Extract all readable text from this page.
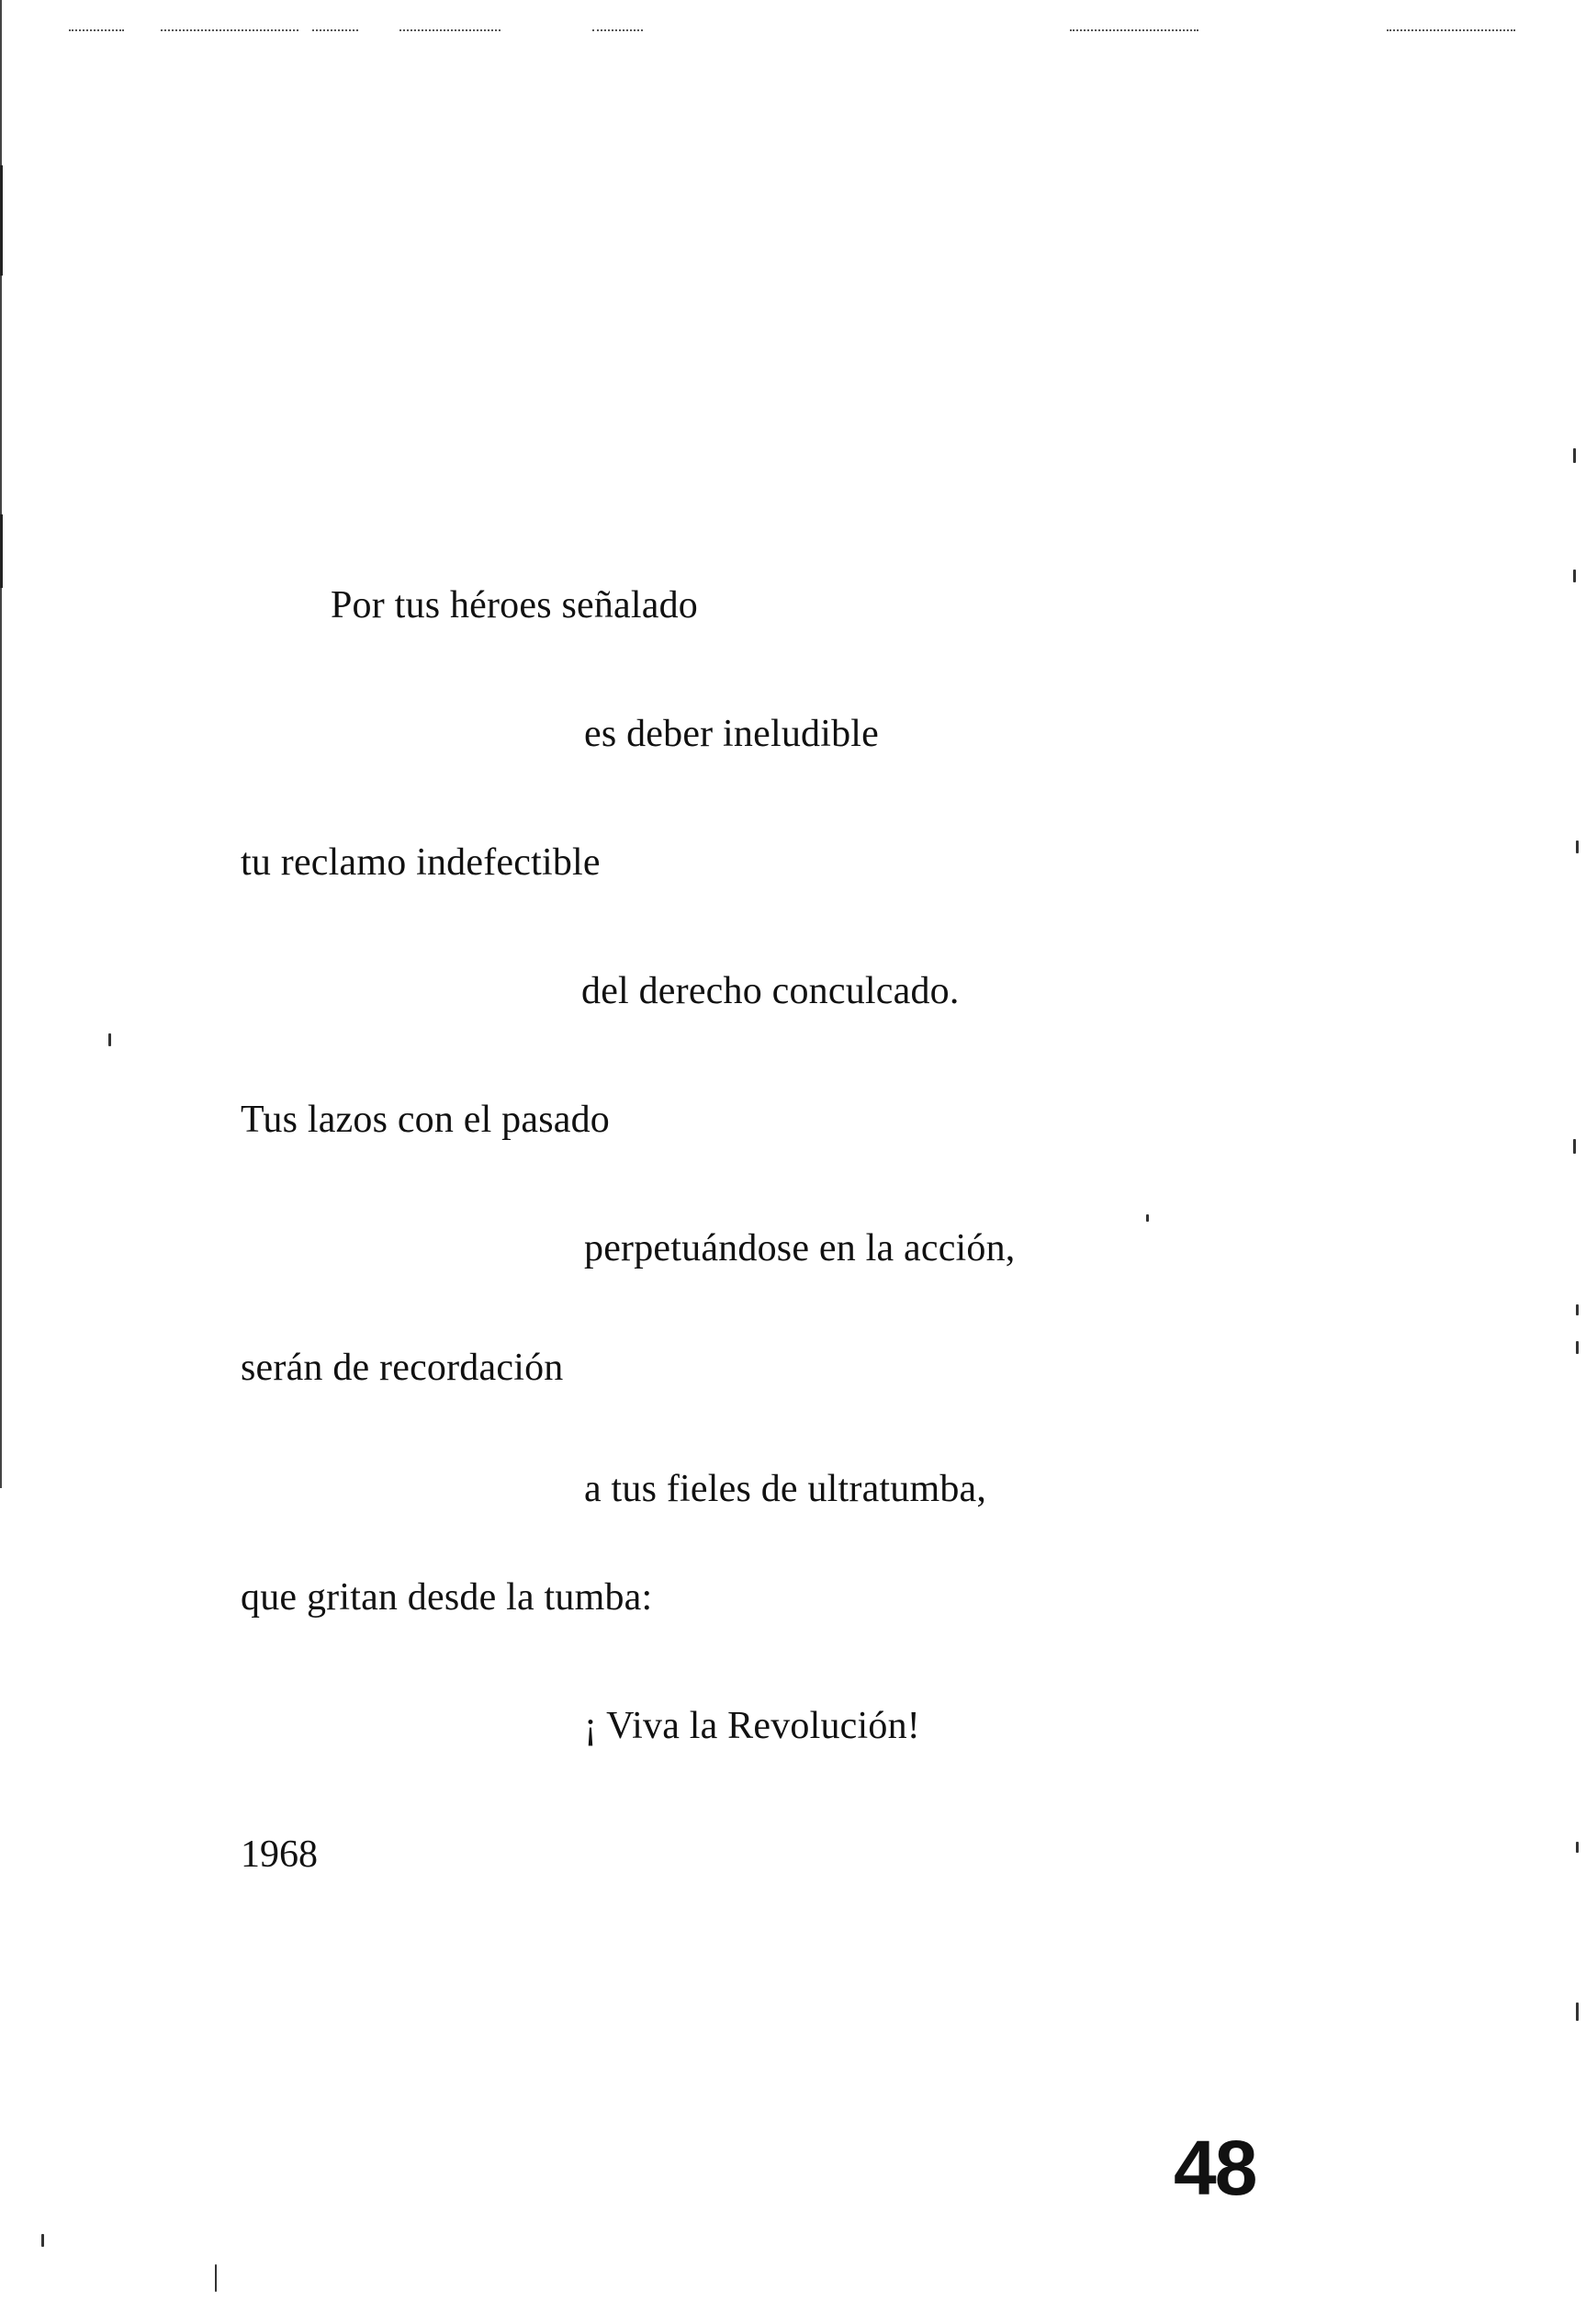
Por tus héroes señalado
es deber ineludible
tu reclamo indefectible
del derecho conculcado.
Tus lazos con el pasado
perpetuándose en la acción,
serán de recordación
a tus fieles de ultratumba,
que gritan desde la tumba:
¡ Viva la Revolución!
1968
48
